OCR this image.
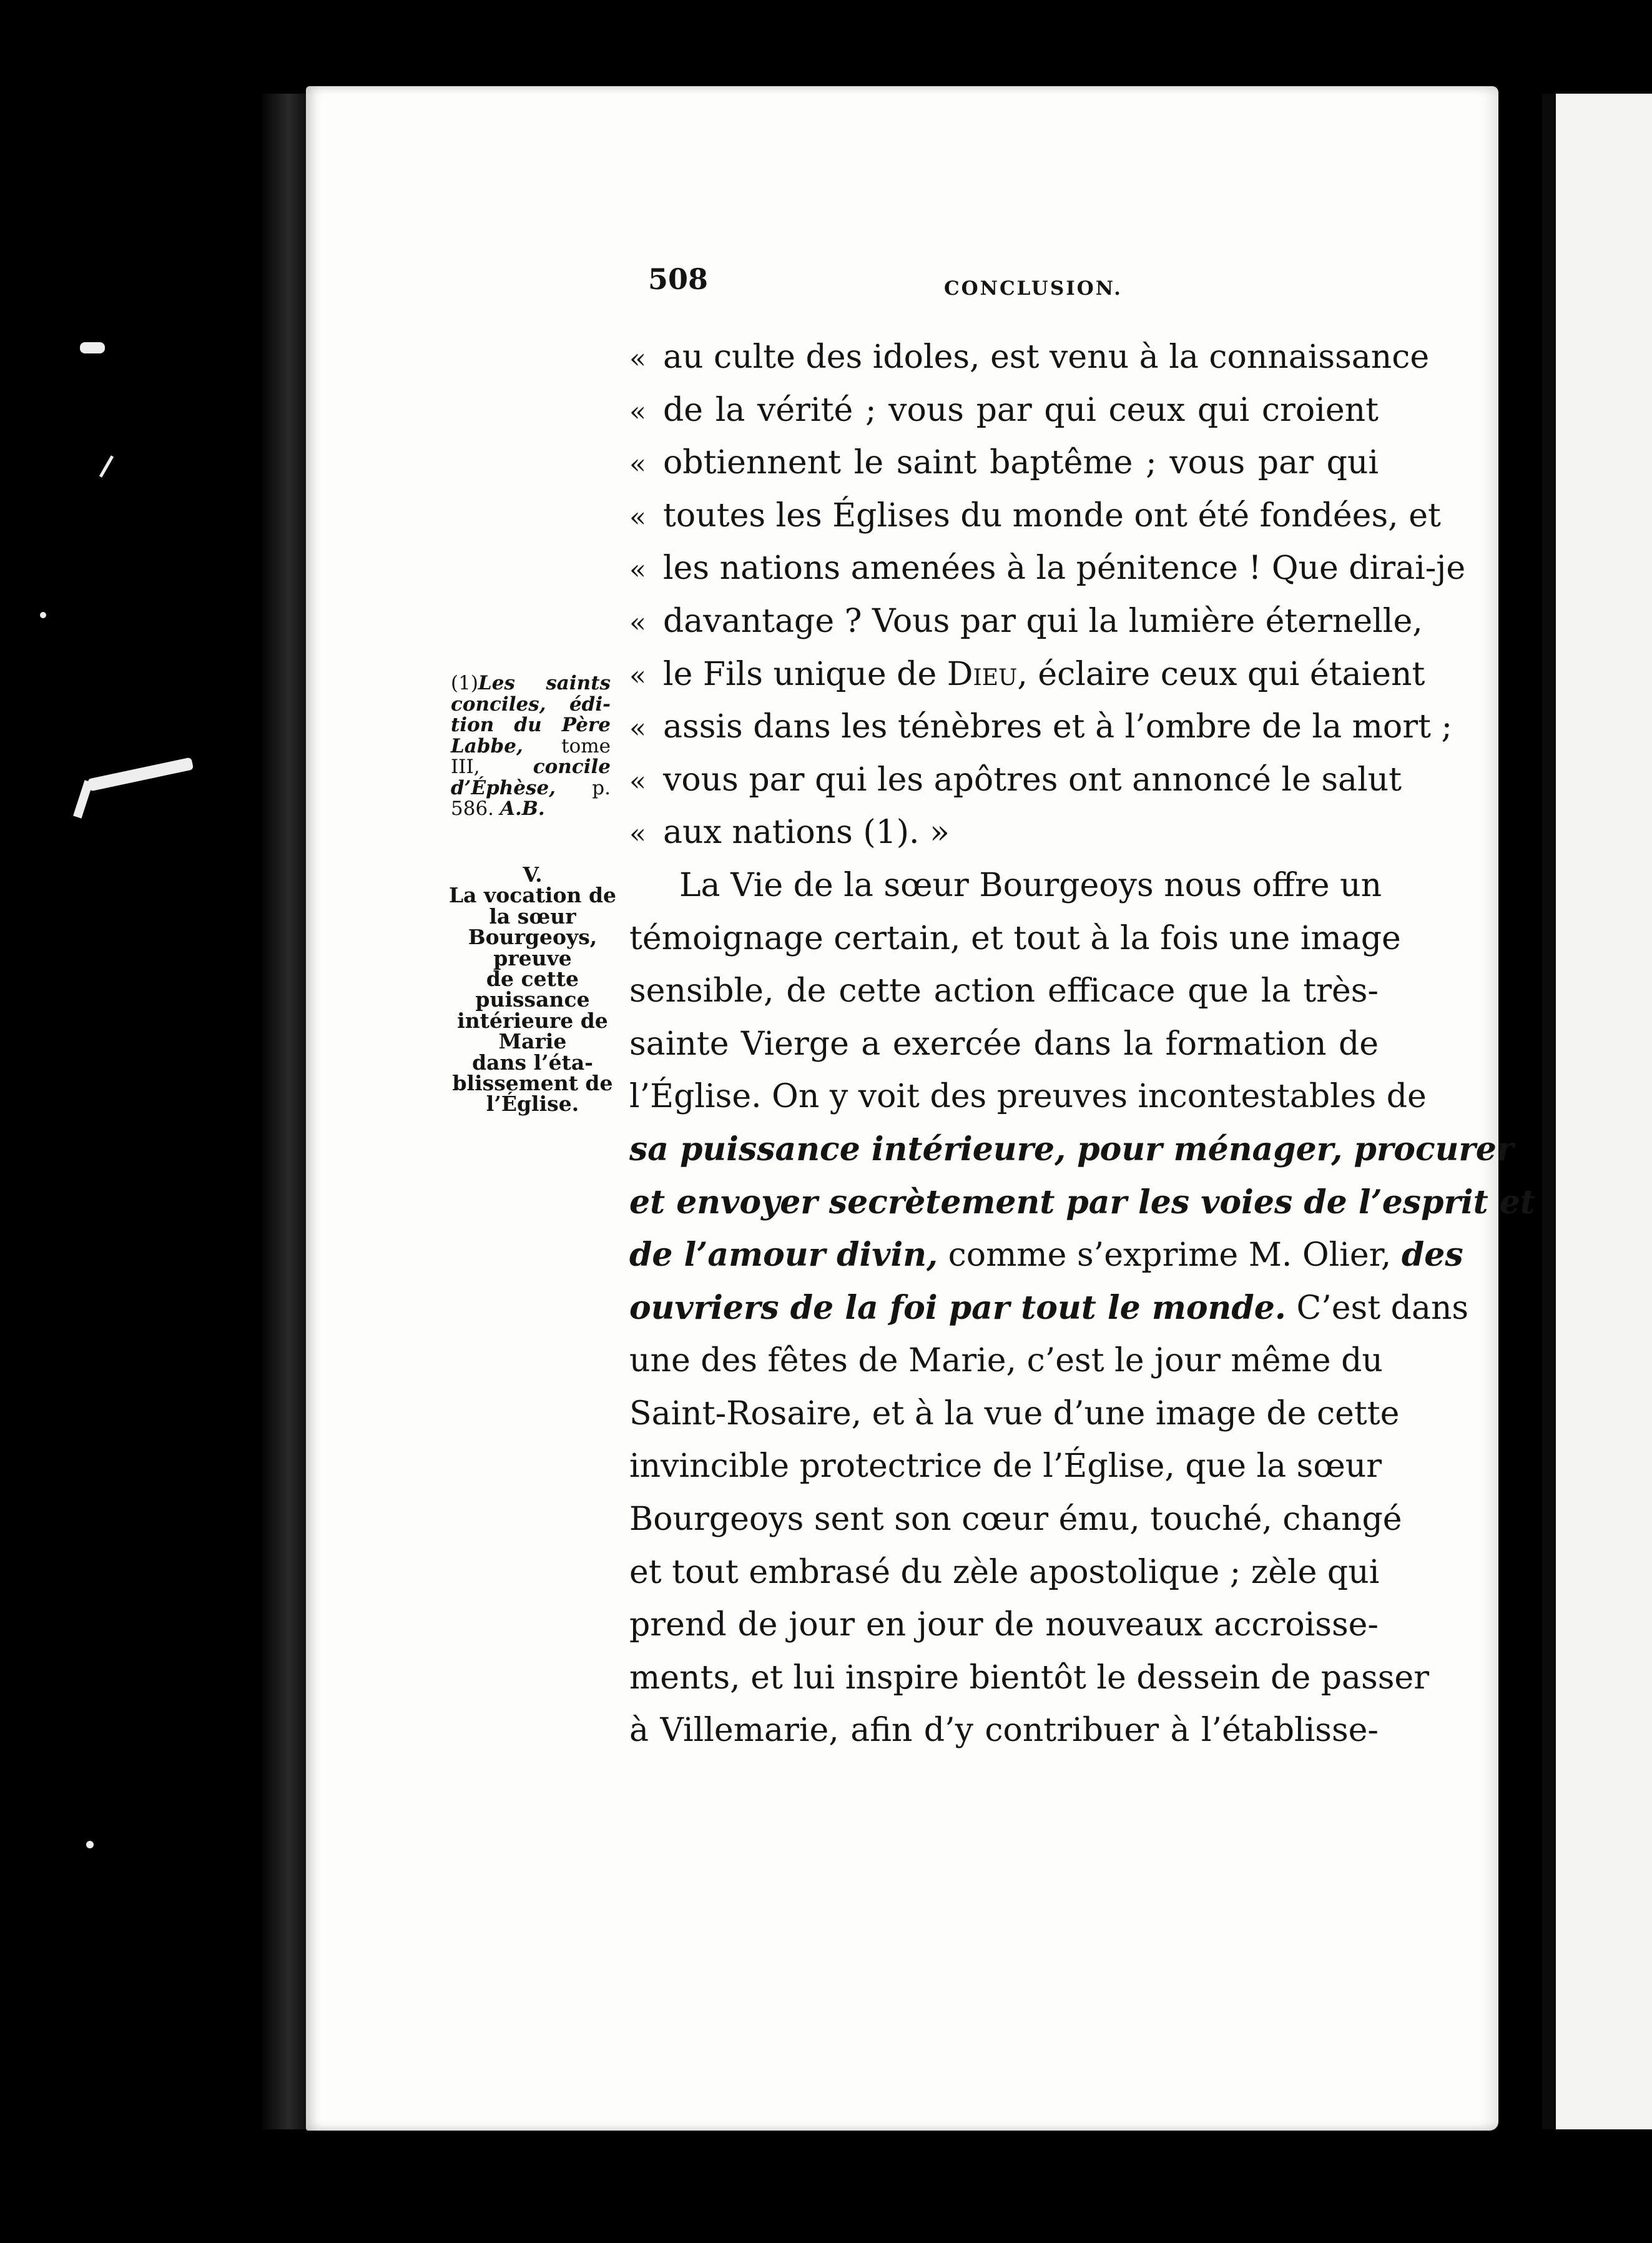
508	CONCLUSION.
« au culte des idoles, est venu à la connaissance
« de la vérité ; vous par qui ceux qui croient
« obtiennent le saint baptême ; vous par qui
« toutes les Églises du monde ont été fondées, et
« les nations amenées à la pénitence ! Que dirai-je
« davantage ? Vous par qui la lumière éternelle,
« le Fils unique de Dieu, éclaire ceux qui étaient
« assis dans les ténèbres et à l’ombre de la mort ;
« vous par qui les apôtres ont annoncé le salut
« aux nations (1). »
La Vie de la sœur Bourgeoys nous offre un
témoignage certain, et tout à la fois une image
sensible, de cette action efficace que la très-
sainte Vierge a exercée dans la formation de
l’Église. On y voit des preuves incontestables de
sa puissance intérieure, pour ménager, procurer
et envoyer secrètement par les voies de l’esprit et
de l’amour divin, comme s’exprime M. Olier, des
ouvriers de la foi par tout le monde. C’est dans
une des fêtes de Marie, c’est le jour même du
Saint-Rosaire, et à la vue d’une image de cette
invincible protectrice de l’Église, que la sœur
Bourgeoys sent son cœur ému, touché, changé
et tout embrasé du zèle apostolique ; zèle qui
prend de jour en jour de nouveaux accroisse-
ments, et lui inspire bientôt le dessein de passer
à Villemarie, afin d’y contribuer à l’établisse-
(1)Les saints
conciles, édi-
tion du Père
Labbe, tome
III,	concile
d’Éphèse, p.
586. A.B.
V.
La vocation de
la sœur
Bourgeoys,
preuve
de cette
puissance
intérieure de
Marie
dans l’éta-
blissement de
l’Église.
